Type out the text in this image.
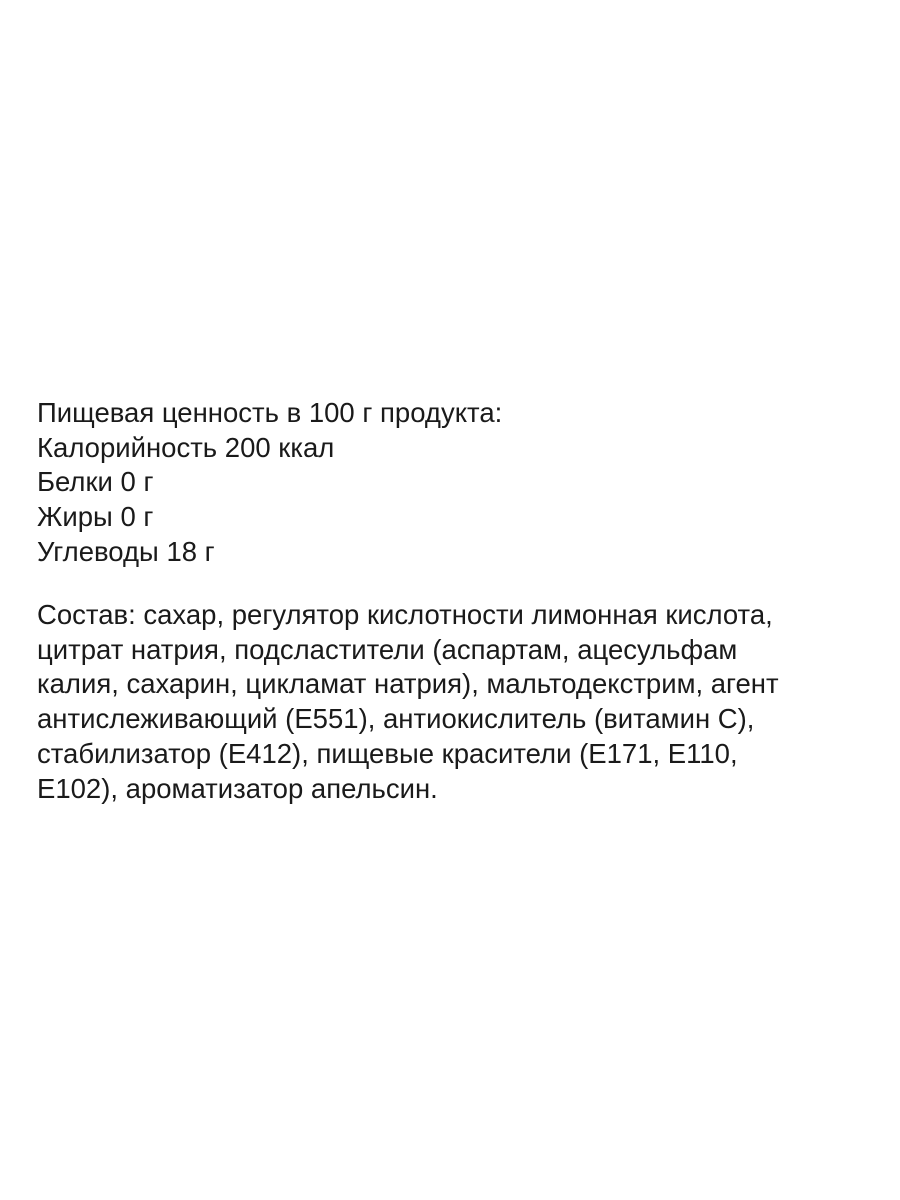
Пищевая ценность в 100 г продукта:
Калорийность 200 ккал
Белки 0 г
Жиры 0 г
Углеводы 18 г
Состав: сахар, регулятор кислотности лимонная кислота,
цитрат натрия, подсластители (аспартам, ацесульфам
калия, сахарин, цикламат натрия), мальтодекстрим, агент
антислеживающий (Е551), антиокислитель (витамин С),
стабилизатор (Е412), пищевые красители (Е171, Е110,
Е102), ароматизатор апельсин.
